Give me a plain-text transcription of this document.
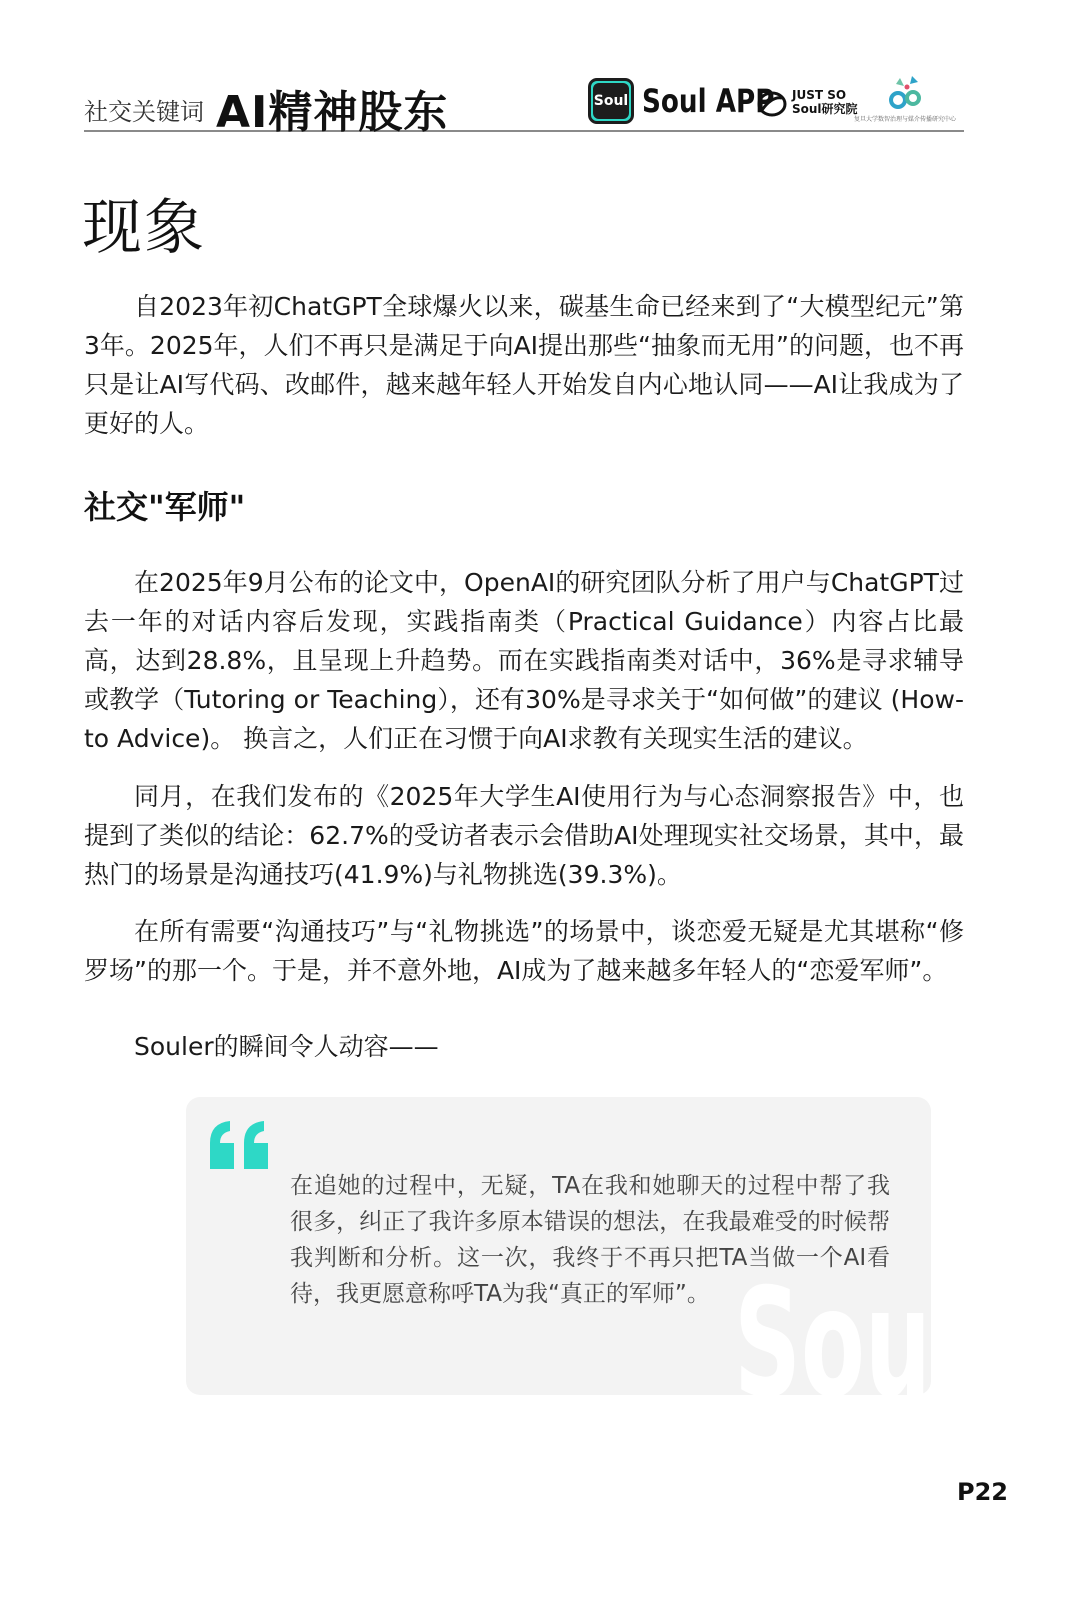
社交关键词 AI精神股东	Soul Soul APP JUST SO
Soul研究院
复旦大学数智治理与媒介传播研究中心
现象

自2023年初ChatGPT全球爆火以来，碳基生命已经来到了“大模型纪元”第3年。2025年，人们不再只是满足于向AI提出那些“抽象而无用”的问题，也不再只是让AI写代码、改邮件，越来越年轻人开始发自内心地认同——AI让我成为了更好的人。

社交"军师"

在2025年9月公布的论文中，OpenAI的研究团队分析了用户与ChatGPT过去一年的对话内容后发现，实践指南类（Practical Guidance）内容占比最高，达到28.8%，且呈现上升趋势。而在实践指南类对话中，36%是寻求辅导或教学（Tutoring or Teaching），还有30%是寻求关于“如何做”的建议 (How-to Advice)。 换言之，人们正在习惯于向AI求教有关现实生活的建议。

同月，在我们发布的《2025年大学生AI使用行为与心态洞察报告》中，也提到了类似的结论：62.7%的受访者表示会借助AI处理现实社交场景，其中，最热门的场景是沟通技巧(41.9%)与礼物挑选(39.3%)。

在所有需要“沟通技巧”与“礼物挑选”的场景中，谈恋爱无疑是尤其堪称“修罗场”的那一个。于是，并不意外地，AI成为了越来越多年轻人的“恋爱军师”。

Souler的瞬间令人动容——

Soul

在追她的过程中，无疑，TA在我和她聊天的过程中帮了我很多，纠正了我许多原本错误的想法，在我最难受的时候帮我判断和分析。这一次，我终于不再只把TA当做一个AI看待，我更愿意称呼TA为我“真正的军师”。

P22
